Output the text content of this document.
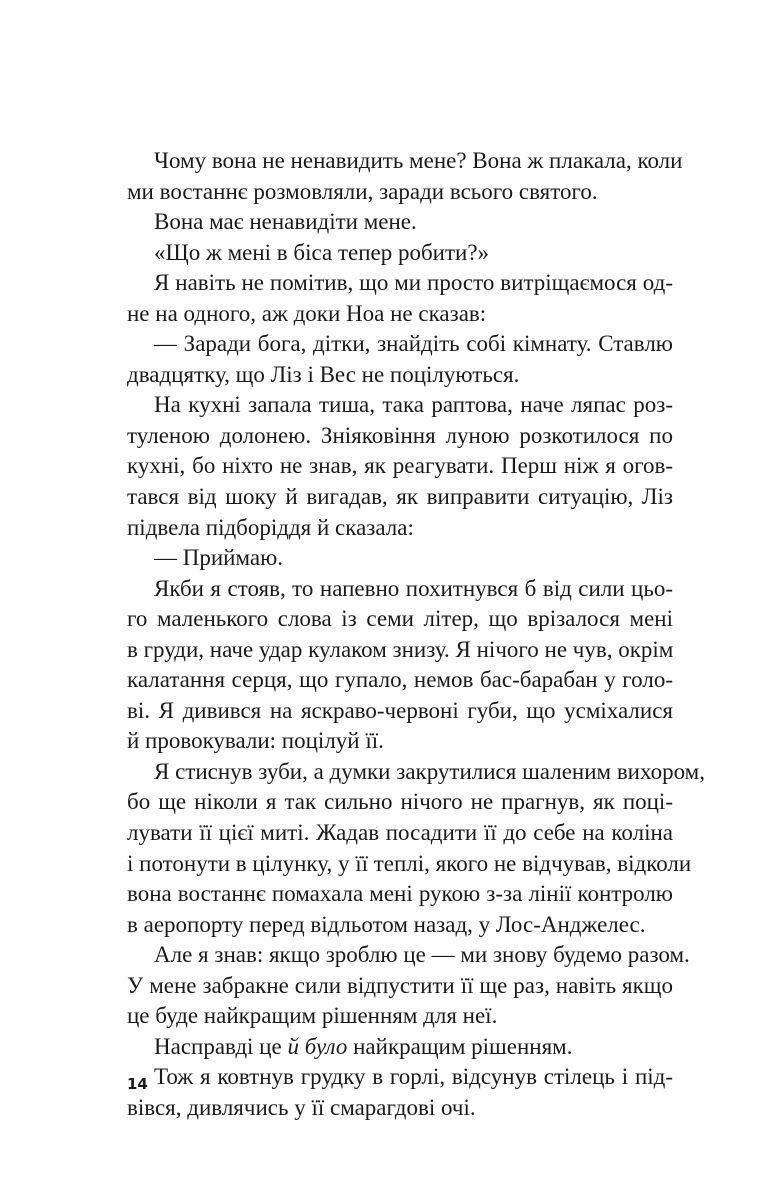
Чому вона не ненавидить мене? Вона ж плакала, коли
ми востаннє розмовляли, заради всього святого.
Вона має ненавидіти мене.
«Що ж мені в біса тепер робити?»
Я навіть не помітив, що ми просто витріщаємося од-
не на одного, аж доки Ноа не сказав:
— Заради бога, дітки, знайдіть собі кімнату. Ставлю
двадцятку, що Ліз і Вес не поцілуються.
На кухні запала тиша, така раптова, наче ляпас роз-
туленою долонею. Зніяковіння луною розкотилося по
кухні, бо ніхто не знав, як реагувати. Перш ніж я огов-
тався від шоку й вигадав, як виправити ситуацію, Ліз
підвела підборіддя й сказала:
— Приймаю.
Якби я стояв, то напевно похитнувся б від сили цьо-
го маленького слова із семи літер, що врізалося мені
в груди, наче удар кулаком знизу. Я нічого не чув, окрім
калатання серця, що гупало, немов бас-барабан у голо-
ві. Я дивився на яскраво-червоні губи, що усміхалися
й провокували: поцілуй її.
Я стиснув зуби, а думки закрутилися шаленим вихором,
бо ще ніколи я так сильно нічого не прагнув, як поці-
лувати її цієї миті. Жадав посадити її до себе на коліна
і потонути в цілунку, у її теплі, якого не відчував, відколи
вона востаннє помахала мені рукою з-за лінії контролю
в аеропорту перед відльотом назад, у Лос-Анджелес.
Але я знав: якщо зроблю це — ми знову будемо разом.
У мене забракне сили відпустити її ще раз, навіть якщо
це буде найкращим рішенням для неї.
Насправді це й було найкращим рішенням.
Тож я ковтнув грудку в горлі, відсунув стілець і під-
вівся, дивлячись у її смарагдові очі.
14
